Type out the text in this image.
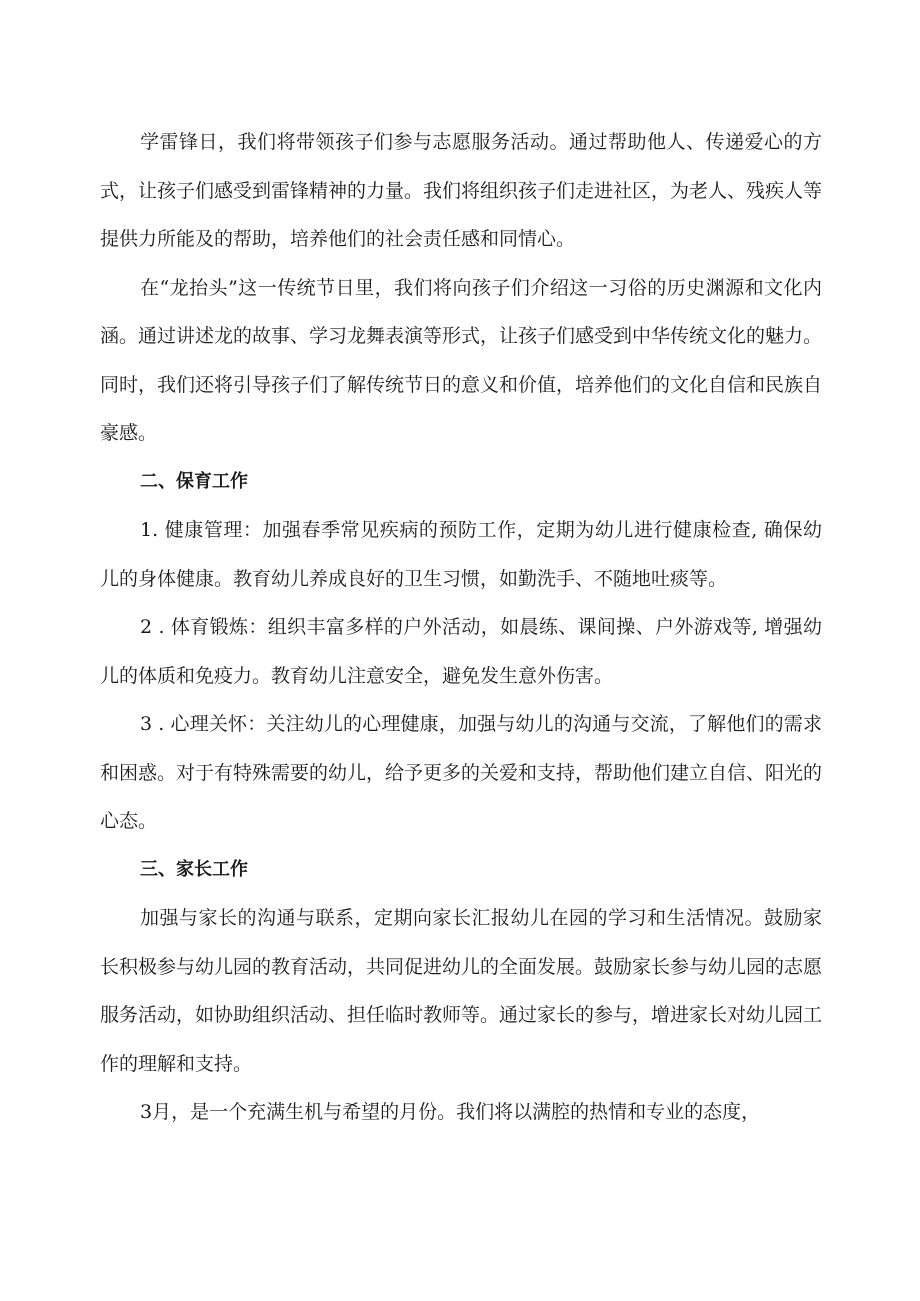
学雷锋日，我们将带领孩子们参与志愿服务活动。通过帮助他人、传递爱心的方式，让孩子们感受到雷锋精神的力量。我们将组织孩子们走进社区，为老人、残疾人等提供力所能及的帮助，培养他们的社会责任感和同情心。

在“龙抬头”这一传统节日里，我们将向孩子们介绍这一习俗的历史渊源和文化内涵。通过讲述龙的故事、学习龙舞表演等形式，让孩子们感受到中华传统文化的魅力。同时，我们还将引导孩子们了解传统节日的意义和价值，培养他们的文化自信和民族自豪感。

二、保育工作

1. 健康管理：加强春季常见疾病的预防工作，定期为幼儿进行健康检查, 确保幼儿的身体健康。教育幼儿养成良好的卫生习惯，如勤洗手、不随地吐痰等。

2 . 体育锻炼：组织丰富多样的户外活动，如晨练、课间操、户外游戏等, 增强幼儿的体质和免疫力。教育幼儿注意安全，避免发生意外伤害。

3 . 心理关怀：关注幼儿的心理健康，加强与幼儿的沟通与交流，了解他们的需求和困惑。对于有特殊需要的幼儿，给予更多的关爱和支持，帮助他们建立自信、阳光的心态。

三、家长工作

加强与家长的沟通与联系，定期向家长汇报幼儿在园的学习和生活情况。鼓励家长积极参与幼儿园的教育活动，共同促进幼儿的全面发展。鼓励家长参与幼儿园的志愿服务活动，如协助组织活动、担任临时教师等。通过家长的参与，增进家长对幼儿园工作的理解和支持。

3月，是一个充满生机与希望的月份。我们将以满腔的热情和专业的态度，
